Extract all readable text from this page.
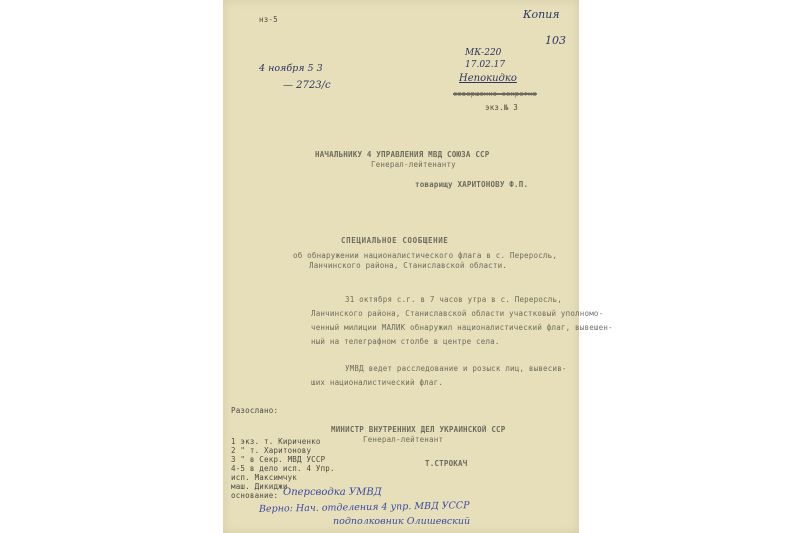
нз-5	Копия
103
4 ноября 5 3
— 2723/с
МК-220
17.02.17
Непокидко
совершенно секретно
экз.№ 3
НАЧАЛЬНИКУ 4 УПРАВЛЕНИЯ МВД СОЮЗА ССР
Генерал-лейтенанту
товарищу ХАРИТОНОВУ Ф.П.
СПЕЦИАЛЬНОЕ СООБЩЕНИЕ
об обнаружении националистического флага в с. Переросль,
Ланчинского района, Станиславской области.
31 октября с.г. в 7 часов утра в с. Переросль,
Ланчинского района, Станиславской области участковый уполномо-
ченный милиции МАЛИК обнаружил националистический флаг, вывешен-
ный на телеграфном столбе в центре села.
УМВД ведет расследование и розыск лиц, вывесив-
ших националистический флаг.
Разослано:
1 экз. т. Кириченко
2 " т. Харитонову
3 " в Секр. МВД УССР
4-5 в дело исп. 4 Упр.
исп. Максимчук
маш. Дикиджи
основание: Оперсводка УМВД
МИНИСТР ВНУТРЕННИХ ДЕЛ УКРАИНСКОЙ ССР
Генерал-лейтенант
Т.СТРОКАЧ
Верно: Нач. отделения 4 упр. МВД УССР
подполковник Олишевский
